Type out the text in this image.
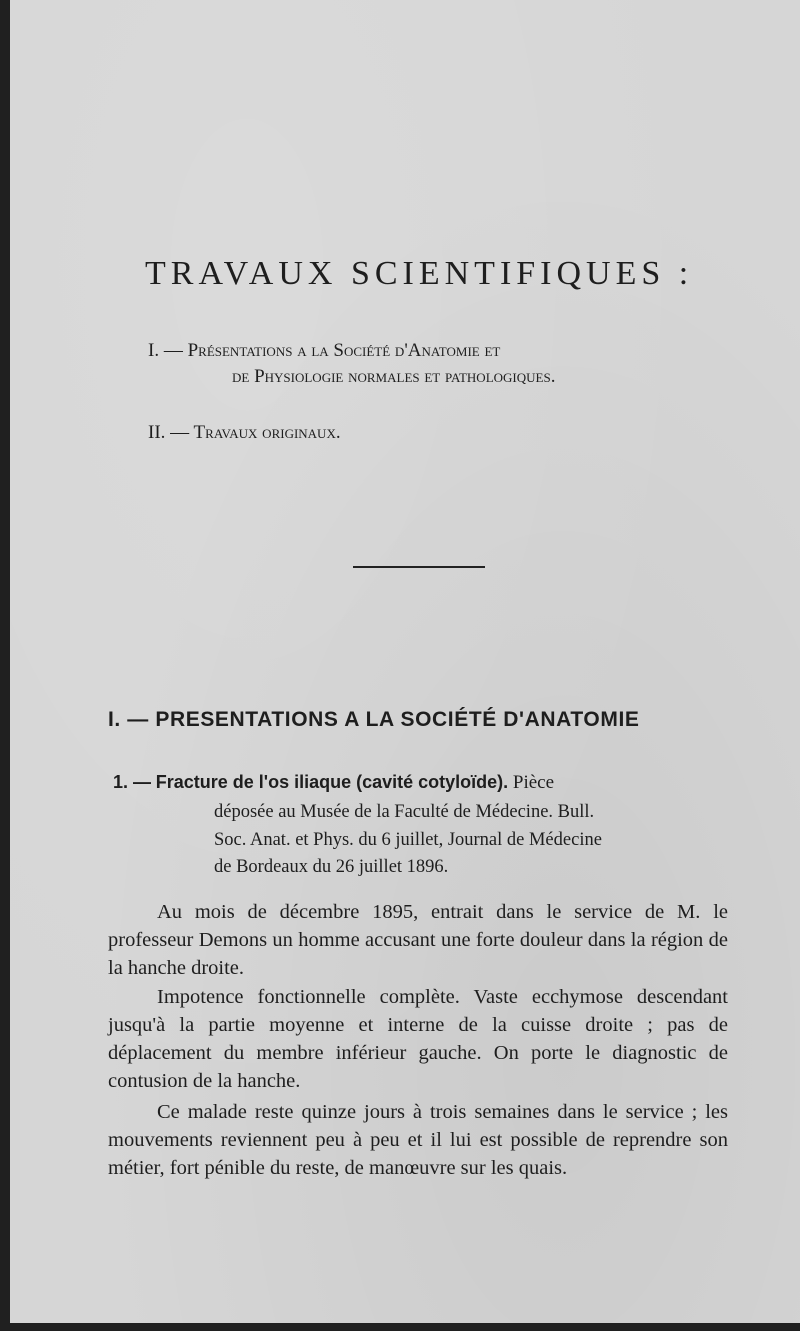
TRAVAUX SCIENTIFIQUES :
I. — Présentations a la Société d'Anatomie et
de Physiologie normales et pathologiques.
II. — Travaux originaux.
I. — PRESENTATIONS A LA SOCIÉTÉ D'ANATOMIE
1. — Fracture de l'os iliaque (cavité cotyloïde). Pièce
déposée au Musée de la Faculté de Médecine. Bull.
Soc. Anat. et Phys. du 6 juillet, Journal de Médecine
de Bordeaux du 26 juillet 1896.

Au mois de décembre 1895, entrait dans le service de M. le professeur Demons un homme accusant une forte douleur dans la région de la hanche droite.

Impotence fonctionnelle complète. Vaste ecchymose descendant jusqu'à la partie moyenne et interne de la cuisse droite ; pas de déplacement du membre inférieur gauche. On porte le diagnostic de contusion de la hanche.

Ce malade reste quinze jours à trois semaines dans le service ; les mouvements reviennent peu à peu et il lui est possible de reprendre son métier, fort pénible du reste, de manœuvre sur les quais.
